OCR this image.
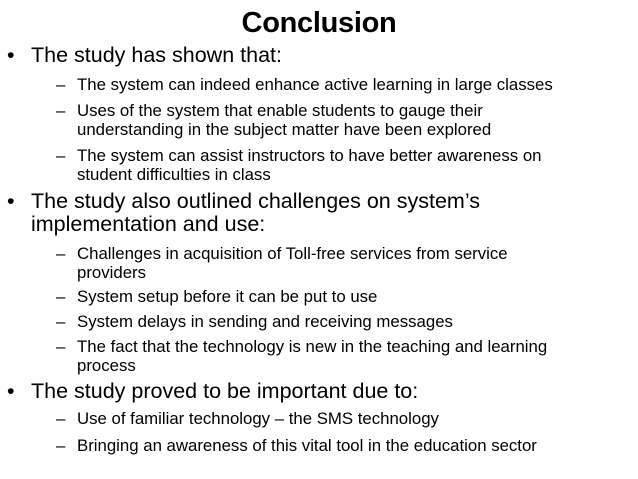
Conclusion
• The study has shown that:
– The system can indeed enhance active learning in large classes
– Uses of the system that enable students to gauge their
understanding in the subject matter have been explored
– The system can assist instructors to have better awareness on
student difficulties in class
• The study also outlined challenges on system’s
implementation and use:
– Challenges in acquisition of Toll-free services from service
providers
– System setup before it can be put to use
– System delays in sending and receiving messages
– The fact that the technology is new in the teaching and learning
process
• The study proved to be important due to:
– Use of familiar technology – the SMS technology
– Bringing an awareness of this vital tool in the education sector
